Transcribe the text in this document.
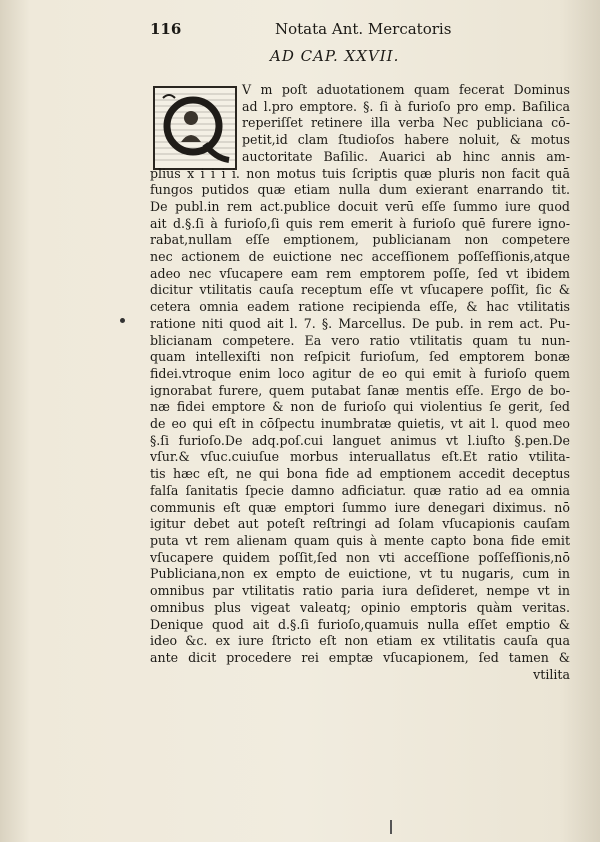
116	Notata Ant. Mercatoris
AD CAP. XXVII.
V m poſt aduotationem quam fecerat Dominus
ad l.pro emptore. §. ſi à furioſo pro emp. Baſilica
reperiſſet retinere illa verba Nec publiciana cō-
petit,id clam ſtudioſos habere noluit, & motus
auctoritate Baſilic. Auarici ab hinc annis am-
plius x i i i i. non motus tuis ſcriptis quæ pluris non facit quā
fungos putidos quæ etiam nulla dum exierant enarrando tit.
De publ.in rem act.publice docuit verū eſſe ſummo iure quod
ait d.§.ſi à furioſo,ſi quis rem emerit à furioſo quē furere igno-
rabat,nullam eſſe emptionem, publicianam non competere
nec actionem de euictione nec acceſſionem poſſeſſionis,atque
adeo nec vſucapere eam rem emptorem poſſe, ſed vt ibidem
dicitur vtilitatis cauſa receptum eſſe vt vſucapere poſſit, ſic &
cetera omnia eadem ratione recipienda eſſe, & hac vtilitatis
ratione niti quod ait l. 7. §. Marcellus. De pub. in rem act. Pu-
blicianam competere. Ea vero ratio vtilitatis quam tu nun-
quam intellexiſti non reſpicit furioſum, ſed emptorem bonæ
fidei.vtroque enim loco agitur de eo qui emit à furioſo quem
ignorabat furere, quem putabat ſanæ mentis eſſe. Ergo de bo-
næ fidei emptore & non de furioſo qui violentius ſe gerit, ſed
de eo qui eſt in cōſpectu inumbratæ quietis, vt ait l. quod meo
§.ſi furioſo.De adq.poſ.cui languet animus vt l.iuſto §.pen.De
vſur.& vſuc.cuiuſue morbus interuallatus eſt.Et ratio vtilita-
tis hæc eſt, ne qui bona fide ad emptionem accedit deceptus
falſa ſanitatis ſpecie damno adficiatur. quæ ratio ad ea omnia
communis eſt quæ emptori ſummo iure denegari diximus. nō
igitur debet aut poteſt reſtringi ad ſolam vſucapionis cauſam
puta vt rem alienam quam quis à mente capto bona fide emit
vſucapere quidem poſſit,ſed non vti acceſſione poſſeſſionis,nō
Publiciana,non ex empto de euictione, vt tu nugaris, cum in
omnibus par vtilitatis ratio paria iura deſideret, nempe vt in
omnibus plus vigeat valeatq; opinio emptoris quàm veritas.
Denique quod ait d.§.ſi furioſo,quamuis nulla eſſet emptio &
ideo &c. ex iure ſtricto eſt non etiam ex vtilitatis cauſa qua
ante dicit procedere rei emptæ vſucapionem, ſed tamen &
vtilita
